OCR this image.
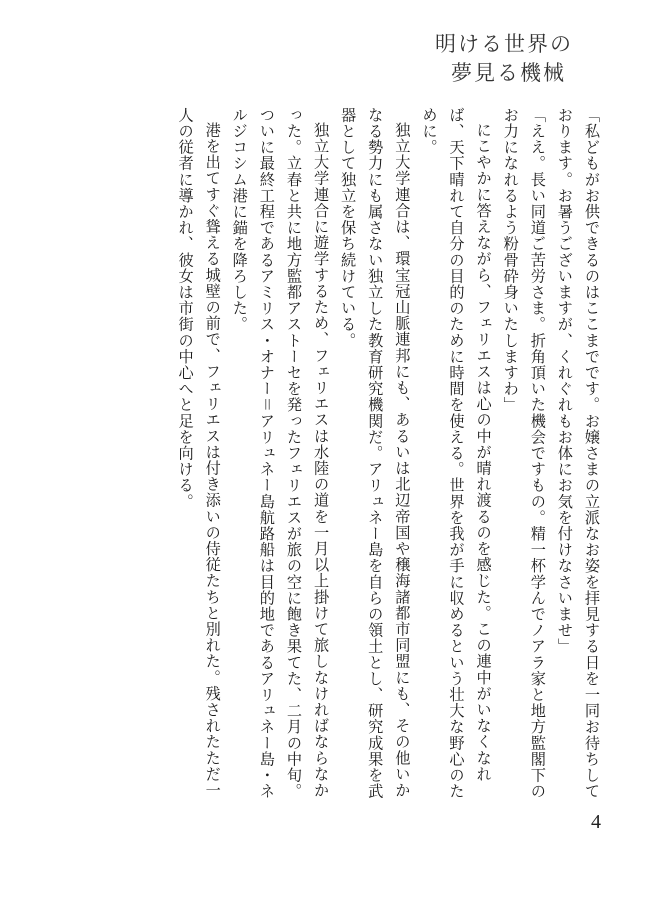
明ける世界の
夢見る機械

「私どもがお供できるのはここまでです。お嬢さまの立派なお姿を拝見する日を一同お待ちしております。お暑うございますが、くれぐれもお体にお気を付けなさいませ」

「ええ。長い同道ご苦労さま。折角頂いた機会ですもの。精一杯学んでノアラ家と地方監閣下のお力になれるよう粉骨砕身いたしますわ」

にこやかに答えながら、フェリエスは心の中が晴れ渡るのを感じた。この連中がいなくなれば、天下晴れて自分の目的のために時間を使える。世界を我が手に収めるという壮大な野心のために。

独立大学連合は、環宝冠山脈連邦にも、あるいは北辺帝国や穣海諸都市同盟にも、その他いかなる勢力にも属さない独立した教育研究機関だ。アリュネー島を自らの領土とし、研究成果を武器として独立を保ち続けている。

独立大学連合に遊学するため、フェリエスは水陸の道を一月以上掛けて旅しなければならなかった。立春と共に地方監都アストーセを発ったフェリエスが旅の空に飽き果てた、二月の中旬。ついに最終工程であるアミリス・オナー＝アリュネー島航路船は目的地であるアリュネー島・ネルジコシム港に錨を降ろした。

港を出てすぐ聳える城壁の前で、フェリエスは付き添いの侍従たちと別れた。残されたただ一人の従者に導かれ、彼女は市街の中心へと足を向ける。

4
